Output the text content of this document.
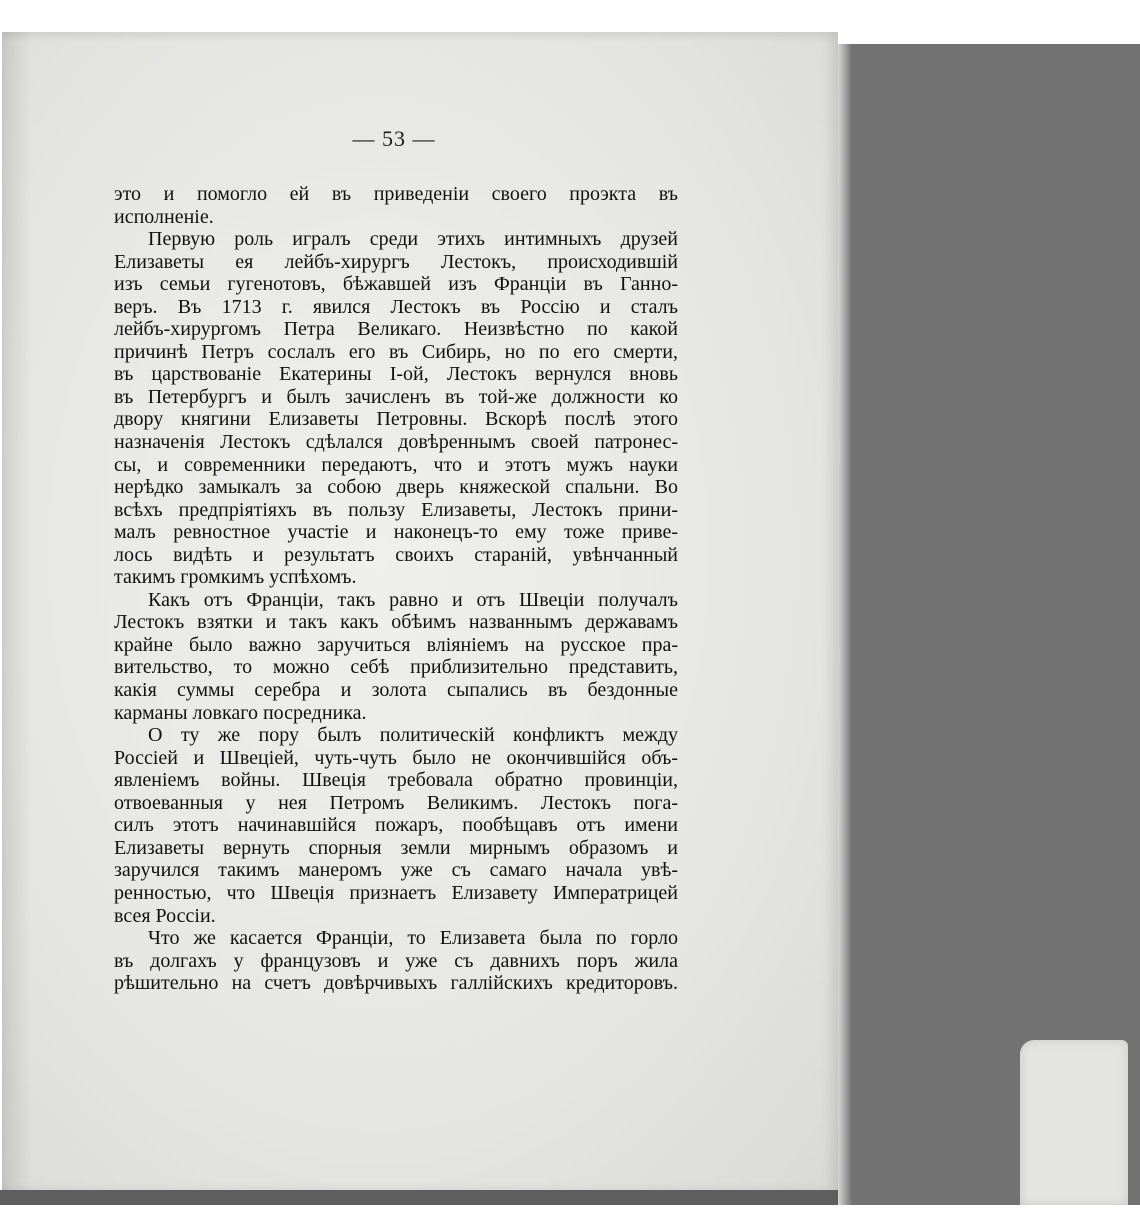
— 53 —
это и помогло ей въ приведеніи своего проэкта въ
исполненіе.
Первую роль игралъ среди этихъ интимныхъ друзей
Елизаветы ея лейбъ-хирургъ Лестокъ, происходившій
изъ семьи гугенотовъ, бѣжавшей изъ Франціи въ Ганно-
веръ. Въ 1713 г. явился Лестокъ въ Россію и сталъ
лейбъ-хирургомъ Петра Великаго. Неизвѣстно по какой
причинѣ Петръ сослалъ его въ Сибирь, но по его смерти,
въ царствованіе Екатерины I-ой, Лестокъ вернулся вновь
въ Петербургъ и былъ зачисленъ въ той-же должности ко
двору княгини Елизаветы Петровны. Вскорѣ послѣ этого
назначенія Лестокъ сдѣлался довѣреннымъ своей патронес-
сы, и современники передаютъ, что и этотъ мужъ науки
нерѣдко замыкалъ за собою дверь княжеской спальни. Во
всѣхъ предпріятіяхъ въ пользу Елизаветы, Лестокъ прини-
малъ ревностное участіе и наконецъ-то ему тоже приве-
лось видѣть и результатъ своихъ стараній, увѣнчанный
такимъ громкимъ успѣхомъ.
Какъ отъ Франціи, такъ равно и отъ Швеціи получалъ
Лестокъ взятки и такъ какъ обѣимъ названнымъ державамъ
крайне было важно заручиться вліяніемъ на русское пра-
вительство, то можно себѣ приблизительно представить,
какія суммы серебра и золота сыпались въ бездонные
карманы ловкаго посредника.
О ту же пору былъ политическій конфликтъ между
Россіей и Швеціей, чуть-чуть было не окончившійся объ-
явленіемъ войны. Швеція требовала обратно провинціи,
отвоеванныя у нея Петромъ Великимъ. Лестокъ пога-
силъ этотъ начинавшійся пожаръ, пообѣщавъ отъ имени
Елизаветы вернуть спорныя земли мирнымъ образомъ и
заручился такимъ манеромъ уже съ самаго начала увѣ-
ренностью, что Швеція признаетъ Елизавету Императрицей
всея Россіи.
Что же касается Франціи, то Елизавета была по горло
въ долгахъ у французовъ и уже съ давнихъ поръ жила
рѣшительно на счетъ довѣрчивыхъ галлійскихъ кредиторовъ.
